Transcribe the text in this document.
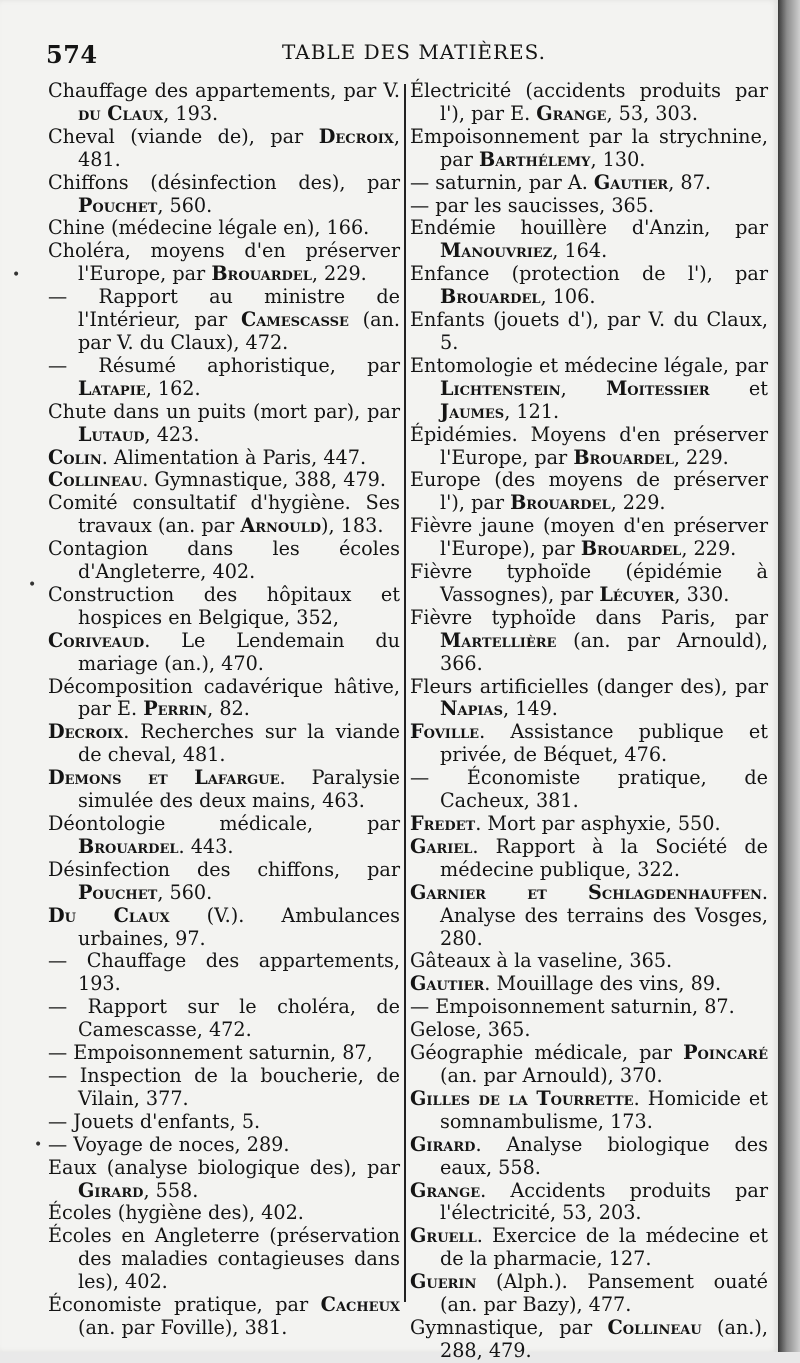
574	TABLE DES MATIÈRES.

Chauffage des appartements, par V. du Claux, 193.

Cheval (viande de), par Decroix, 481.

Chiffons (désinfection des), par Pouchet, 560.

Chine (médecine légale en), 166.

Choléra, moyens d'en préserver l'Europe, par Brouardel, 229.

— Rapport au ministre de l'Intérieur, par Camescasse (an. par V. du Claux), 472.

— Résumé aphoristique, par Latapie, 162.

Chute dans un puits (mort par), par Lutaud, 423.

Colin. Alimentation à Paris, 447.

Collineau. Gymnastique, 388, 479.

Comité consultatif d'hygiène. Ses travaux (an. par Arnould), 183.

Contagion dans les écoles d'Angleterre, 402.

Construction des hôpitaux et hospices en Belgique, 352,

Coriveaud. Le Lendemain du mariage (an.), 470.

Décomposition cadavérique hâtive, par E. Perrin, 82.

Decroix. Recherches sur la viande de cheval, 481.

Demons et Lafargue. Paralysie simulée des deux mains, 463.

Déontologie médicale, par Brouardel. 443.

Désinfection des chiffons, par Pouchet, 560.

Du Claux (V.). Ambulances urbaines, 97.

— Chauffage des appartements, 193.

— Rapport sur le choléra, de Camescasse, 472.

— Empoisonnement saturnin, 87,

— Inspection de la boucherie, de Vilain, 377.

— Jouets d'enfants, 5.

— Voyage de noces, 289.

Eaux (analyse biologique des), par Girard, 558.

Écoles (hygiène des), 402.

Écoles en Angleterre (préservation des maladies contagieuses dans les), 402.

Économiste pratique, par Cacheux (an. par Foville), 381.

Électricité (accidents produits par l'), par E. Grange, 53, 303.

Empoisonnement par la strychnine, par Barthélemy, 130.

— saturnin, par A. Gautier, 87.

— par les saucisses, 365.

Endémie houillère d'Anzin, par Manouvriez, 164.

Enfance (protection de l'), par Brouardel, 106.

Enfants (jouets d'), par V. du Claux, 5.

Entomologie et médecine légale, par Lichtenstein, Moitessier et Jaumes, 121.

Épidémies. Moyens d'en préserver l'Europe, par Brouardel, 229.

Europe (des moyens de préserver l'), par Brouardel, 229.

Fièvre jaune (moyen d'en préserver l'Europe), par Brouardel, 229.

Fièvre typhoïde (épidémie à Vassognes), par Lécuyer, 330.

Fièvre typhoïde dans Paris, par Martellière (an. par Arnould), 366.

Fleurs artificielles (danger des), par Napias, 149.

Foville. Assistance publique et privée, de Béquet, 476.

— Économiste pratique, de Cacheux, 381.

Fredet. Mort par asphyxie, 550.

Gariel. Rapport à la Société de médecine publique, 322.

Garnier et Schlagdenhauffen. Analyse des terrains des Vosges, 280.

Gâteaux à la vaseline, 365.

Gautier. Mouillage des vins, 89.

— Empoisonnement saturnin, 87.

Gelose, 365.

Géographie médicale, par Poincaré (an. par Arnould), 370.

Gilles de la Tourrette. Homicide et somnambulisme, 173.

Girard. Analyse biologique des eaux, 558.

Grange. Accidents produits par l'électricité, 53, 203.

Gruell. Exercice de la médecine et de la pharmacie, 127.

Guerin (Alph.). Pansement ouaté (an. par Bazy), 477.

Gymnastique, par Collineau (an.), 288, 479.

•
•
•
